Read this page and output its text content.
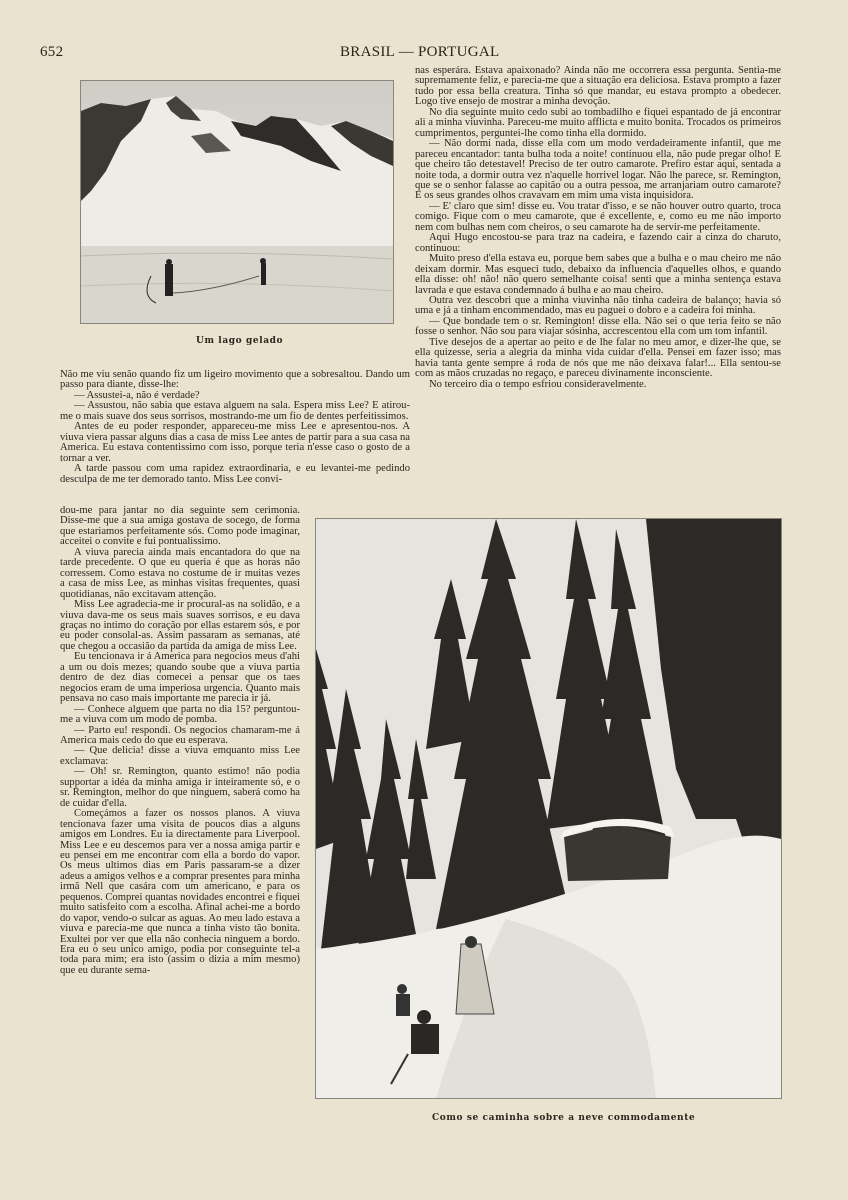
652	BRASIL — PORTUGAL
Um lago gelado

Não me viu senão quando fiz um ligeiro movimento que a sobresaltou. Dando um passo para diante, disse-lhe:

— Assustei-a, não é verdade?

— Assustou, não sabia que estava alguem na sala. Espera miss Lee? E atirou-me o mais suave dos seus sorrisos, mostrando-me um fio de dentes perfeitissimos.

Antes de eu poder responder, appareceu-me miss Lee e apresentou-nos. A viuva viera passar alguns dias a casa de miss Lee antes de partir para a sua casa na America. Eu estava contentissimo com isso, porque teria n'esse caso o gosto de a tornar a ver.

A tarde passou com uma rapidez extraordinaria, e eu levantei-me pedindo desculpa de me ter demorado tanto. Miss Lee convi-

dou-me para jantar no dia seguinte sem cerimonia. Disse-me que a sua amiga gostava de socego, de forma que estariamos perfeitamente sós. Como pode imaginar, acceitei o convite e fui pontualissimo.

A viuva parecia ainda mais encantadora do que na tarde precedente. O que eu queria é que as horas não corressem. Como estava no costume de ir muitas vezes a casa de miss Lee, as minhas visitas frequentes, quasi quotidianas, não excitavam attenção.

Miss Lee agradecia-me ir procural-as na solidão, e a viuva dava-me os seus mais suaves sorrisos, e eu dava graças no intimo do coração por ellas estarem sós, e por eu poder consolal-as. Assim passaram as semanas, até que chegou a occasião da partida da amiga de miss Lee.

Eu tencionava ir á America para negocios meus d'ahi a um ou dois mezes; quando soube que a viuva partia dentro de dez dias comecei a pensar que os taes negocios eram de uma imperiosa urgencia. Quanto mais pensava no caso mais importante me parecia ir já.

— Conhece alguem que parta no dia 15? perguntou-me a viuva com um modo de pomba.

— Parto eu! respondi. Os negocios chamaram-me á America mais cedo do que eu esperava.

— Que delicia! disse a viuva emquanto miss Lee exclamava:

— Oh! sr. Remington, quanto estimo! não podia supportar a idéa da minha amiga ir inteiramente só, e o sr. Remington, melhor do que ninguem, saberá como ha de cuidar d'ella.

Começámos a fazer os nossos planos. A viuva tencionava fazer uma visita de poucos dias a alguns amigos em Londres. Eu ia directamente para Liverpool. Miss Lee e eu descemos para ver a nossa amiga partir e eu pensei em me encontrar com ella a bordo do vapor. Os meus ultimos dias em Paris passaram-se a dizer adeus a amigos velhos e a comprar presentes para minha irmã Nell que casára com um americano, e para os pequenos. Comprei quantas novidades encontrei e fiquei muito satisfeito com a escolha. Afinal achei-me a bordo do vapor, vendo-o sulcar as aguas. Ao meu lado estava a viuva e parecia-me que nunca a tinha visto tão bonita. Exultei por ver que ella não conhecia ninguem a bordo. Era eu o seu unico amigo, podia por conseguinte tel-a toda para mim; era isto (assim o dizia a mim mesmo) que eu durante sema-

nas esperára. Estava apaixonado? Ainda não me occorrera essa pergunta. Sentia-me supremamente feliz, e parecia-me que a situação era deliciosa. Estava prompto a fazer tudo por essa bella creatura. Tinha só que mandar, eu estava prompto a obedecer. Logo tive ensejo de mostrar a minha devoção.

No dia seguinte muito cedo subi ao tombadilho e fiquei espantado de já encontrar ali a minha viuvinha. Pareceu-me muito afflicta e muito bonita. Trocados os primeiros cumprimentos, perguntei-lhe como tinha ella dormido.

— Não dormi nada, disse ella com um modo verdadeiramente infantil, que me pareceu encantador: tanta bulha toda a noite! continuou ella, não pude pregar olho! E que cheiro tão detestavel! Preciso de ter outro camarote. Prefiro estar aqui, sentada a noite toda, a dormir outra vez n'aquelle horrivel logar. Não lhe parece, sr. Remington, que se o senhor falasse ao capitão ou a outra pessoa, me arranjariam outro camarote? E os seus grandes olhos cravavam em mim uma vista inquisidora.

— E' claro que sim! disse eu. Vou tratar d'isso, e se não houver outro quarto, troca comigo. Fique com o meu camarote, que é excellente, e, como eu me não importo nem com bulhas nem com cheiros, o seu camarote ha de servir-me perfeitamente.

Aqui Hugo encostou-se para traz na cadeira, e fazendo cair a cinza do charuto, continuou:

Muito preso d'ella estava eu, porque bem sabes que a bulha e o mau cheiro me não deixam dormir. Mas esqueci tudo, debaixo da influencia d'aquelles olhos, e quando ella disse: oh! não! não quero semelhante coisa! senti que a minha sentença estava lavrada e que estava condemnado á bulha e ao mau cheiro.

Outra vez descobri que a minha viuvinha não tinha cadeira de balanço; havia só uma e já a tinham encommendado, mas eu paguei o dobro e a cadeira foi minha.

— Que bondade tem o sr. Remington! disse ella. Não sei o que teria feito se não fosse o senhor. Não sou para viajar sósinha, accrescentou ella com um tom infantil.

Tive desejos de a apertar ao peito e de lhe falar no meu amor, e dizer-lhe que, se ella quizesse, seria a alegria da minha vida cuidar d'ella. Pensei em fazer isso; mas havia tanta gente sempre á roda de nós que me não deixava falar!... Ella sentou-se com as mãos cruzadas no regaço, e pareceu divinamente inconsciente.

No terceiro dia o tempo esfriou consideravelmente.

Como se caminha sobre a neve commodamente
